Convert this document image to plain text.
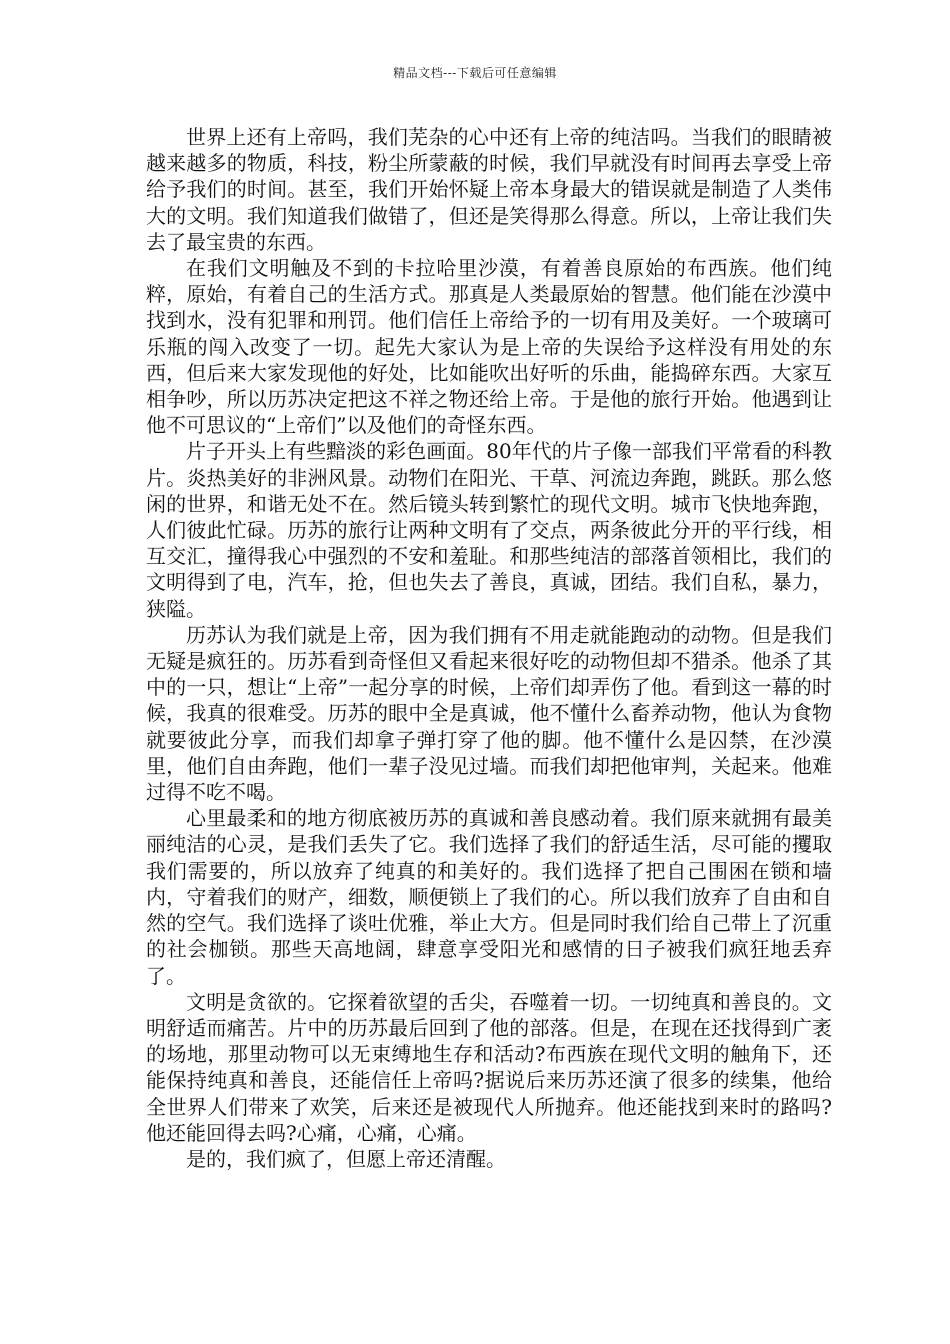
精品文档---下载后可任意编辑

世界上还有上帝吗，我们芜杂的心中还有上帝的纯洁吗。当我们的眼睛被越来越多的物质，科技，粉尘所蒙蔽的时候，我们早就没有时间再去享受上帝给予我们的时间。甚至，我们开始怀疑上帝本身最大的错误就是制造了人类伟大的文明。我们知道我们做错了，但还是笑得那么得意。所以，上帝让我们失去了最宝贵的东西。

在我们文明触及不到的卡拉哈里沙漠，有着善良原始的布西族。他们纯粹，原始，有着自己的生活方式。那真是人类最原始的智慧。他们能在沙漠中找到水，没有犯罪和刑罚。他们信任上帝给予的一切有用及美好。一个玻璃可乐瓶的闯入改变了一切。起先大家认为是上帝的失误给予这样没有用处的东西，但后来大家发现他的好处，比如能吹出好听的乐曲，能捣碎东西。大家互相争吵，所以历苏决定把这不祥之物还给上帝。于是他的旅行开始。他遇到让他不可思议的“上帝们”以及他们的奇怪东西。

片子开头上有些黯淡的彩色画面。80年代的片子像一部我们平常看的科教片。炎热美好的非洲风景。动物们在阳光、干草、河流边奔跑，跳跃。那么悠闲的世界，和谐无处不在。然后镜头转到繁忙的现代文明。城市飞快地奔跑，人们彼此忙碌。历苏的旅行让两种文明有了交点，两条彼此分开的平行线，相互交汇，撞得我心中强烈的不安和羞耻。和那些纯洁的部落首领相比，我们的文明得到了电，汽车，抢，但也失去了善良，真诚，团结。我们自私，暴力，狭隘。

历苏认为我们就是上帝，因为我们拥有不用走就能跑动的动物。但是我们无疑是疯狂的。历苏看到奇怪但又看起来很好吃的动物但却不猎杀。他杀了其中的一只，想让“上帝”一起分享的时候，上帝们却弄伤了他。看到这一幕的时候，我真的很难受。历苏的眼中全是真诚，他不懂什么畜养动物，他认为食物就要彼此分享，而我们却拿子弹打穿了他的脚。他不懂什么是囚禁，在沙漠里，他们自由奔跑，他们一辈子没见过墙。而我们却把他审判，关起来。他难过得不吃不喝。

心里最柔和的地方彻底被历苏的真诚和善良感动着。我们原来就拥有最美丽纯洁的心灵，是我们丢失了它。我们选择了我们的舒适生活，尽可能的攫取我们需要的，所以放弃了纯真的和美好的。我们选择了把自己围困在锁和墙内，守着我们的财产，细数，顺便锁上了我们的心。所以我们放弃了自由和自然的空气。我们选择了谈吐优雅，举止大方。但是同时我们给自己带上了沉重的社会枷锁。那些天高地阔，肆意享受阳光和感情的日子被我们疯狂地丢弃了。

文明是贪欲的。它探着欲望的舌尖，吞噬着一切。一切纯真和善良的。文明舒适而痛苦。片中的历苏最后回到了他的部落。但是，在现在还找得到广袤的场地，那里动物可以无束缚地生存和活动?布西族在现代文明的触角下，还能保持纯真和善良，还能信任上帝吗?据说后来历苏还演了很多的续集，他给全世界人们带来了欢笑，后来还是被现代人所抛弃。他还能找到来时的路吗?他还能回得去吗?心痛，心痛，心痛。

是的，我们疯了，但愿上帝还清醒。
